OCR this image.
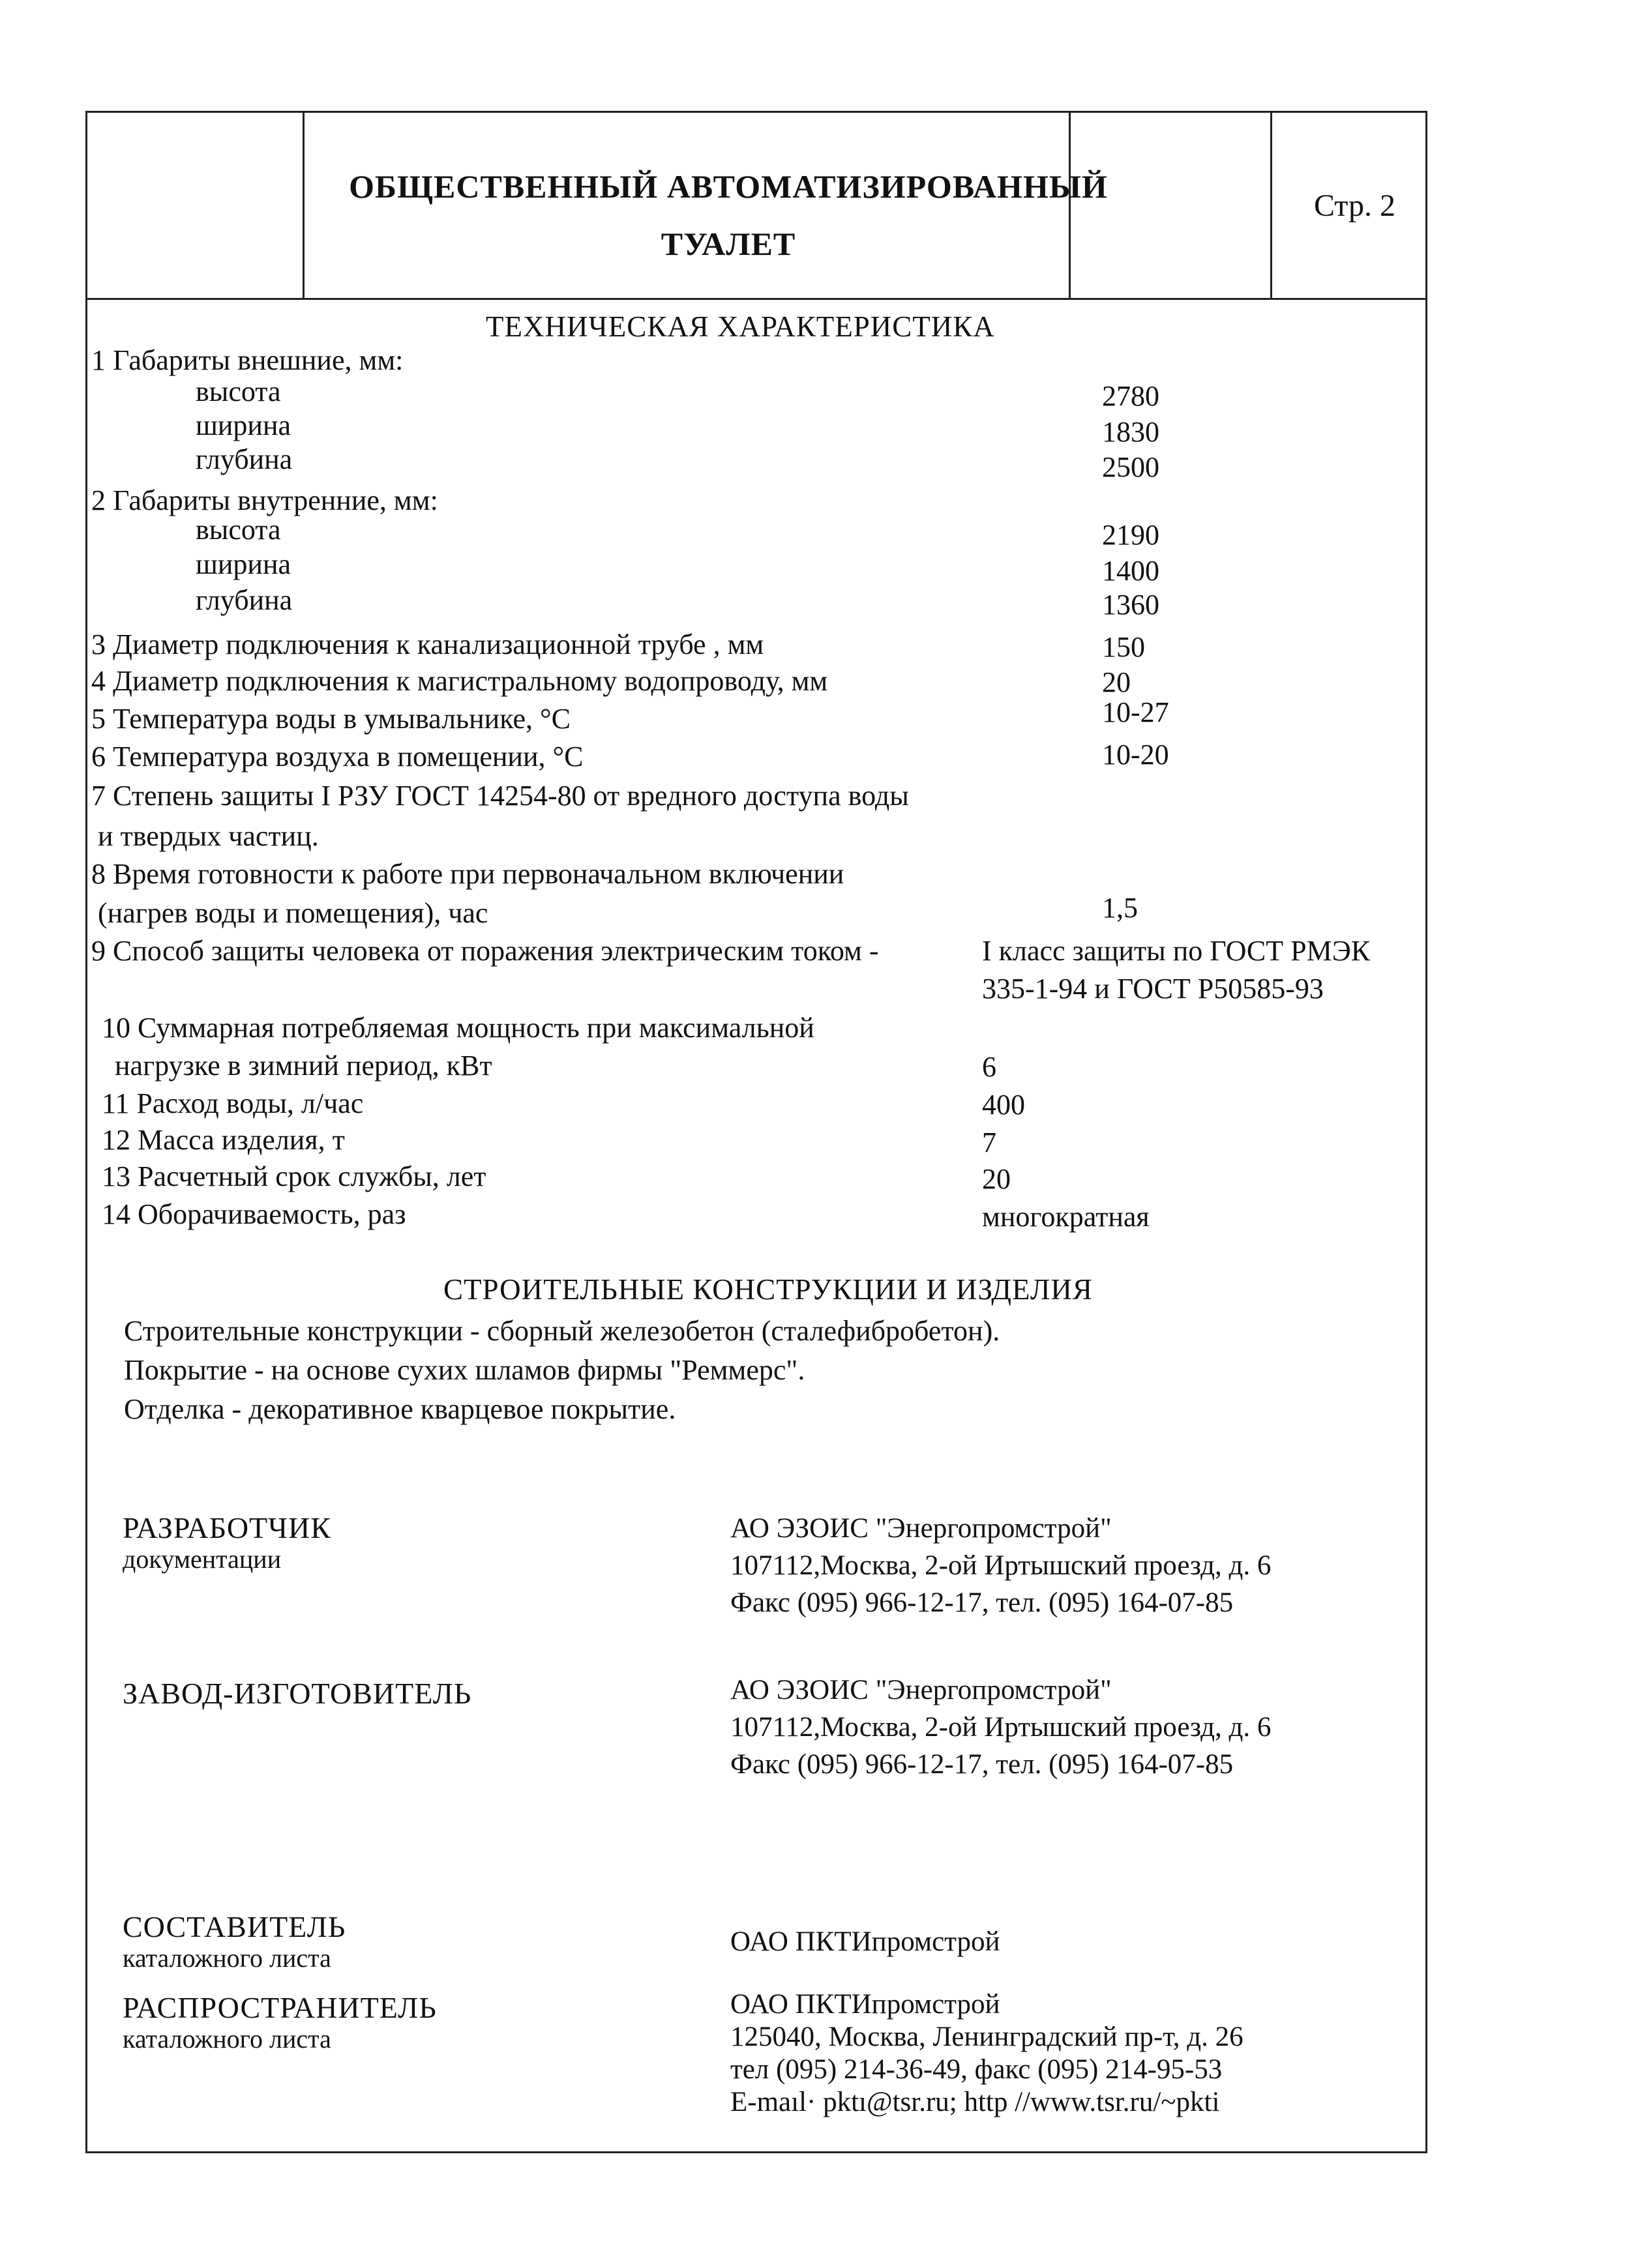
ОБЩЕСТВЕННЫЙ АВТОМАТИЗИРОВАННЫЙ
ТУАЛЕТ
Стр. 2
ТЕХНИЧЕСКАЯ ХАРАКТЕРИСТИКА
1 Габариты внешние, мм:
высота	2780
ширина	1830
глубина	2500
2 Габариты внутренние, мм:
высота	2190
ширина	1400
глубина	1360
3 Диаметр подключения к канализационной трубе , мм	150
4 Диаметр подключения к магистральному водопроводу, мм	20
5 Температура воды в умывальнике, °С	10-27
6 Температура воздуха в помещении, °С	10-20
7 Степень защиты I РЗУ ГОСТ 14254-80 от вредного доступа воды
и твердых частиц.
8 Время готовности к работе при первоначальном включении
(нагрев воды и помещения), час	1,5
9 Способ защиты человека от поражения электрическим током -	I класс защиты по ГОСТ РМЭК
335-1-94 и ГОСТ Р50585-93
10 Суммарная потребляемая мощность при максимальной
нагрузке в зимний период, кВт	6
11 Расход воды, л/час	400
12 Масса изделия, т	7
13 Расчетный срок службы, лет	20
14 Оборачиваемость, раз	многократная
СТРОИТЕЛЬНЫЕ КОНСТРУКЦИИ И ИЗДЕЛИЯ
Строительные конструкции - сборный железобетон (сталефибробетон).
Покрытие - на основе сухих шламов фирмы "Реммерс".
Отделка - декоративное кварцевое покрытие.
РАЗРАБОТЧИК
документации
АО ЭЗОИС "Энергопромстрой"
107112,Москва, 2-ой Иртышский проезд, д. 6
Факс (095) 966-12-17, тел. (095) 164-07-85
ЗАВОД-ИЗГОТОВИТЕЛЬ	АО ЭЗОИС "Энергопромстрой"
107112,Москва, 2-ой Иртышский проезд, д. 6
Факс (095) 966-12-17, тел. (095) 164-07-85
СОСТАВИТЕЛЬ
каталожного листа
ОАО ПКТИпромстрой
РАСПРОСТРАНИТЕЛЬ
каталожного листа
ОАО ПКТИпромстрой
125040, Москва, Ленинградский пр-т, д. 26
тел (095) 214-36-49, факс (095) 214-95-53
E-maıl· pktı@tsr.ru; http //www.tsr.ru/~pkti
